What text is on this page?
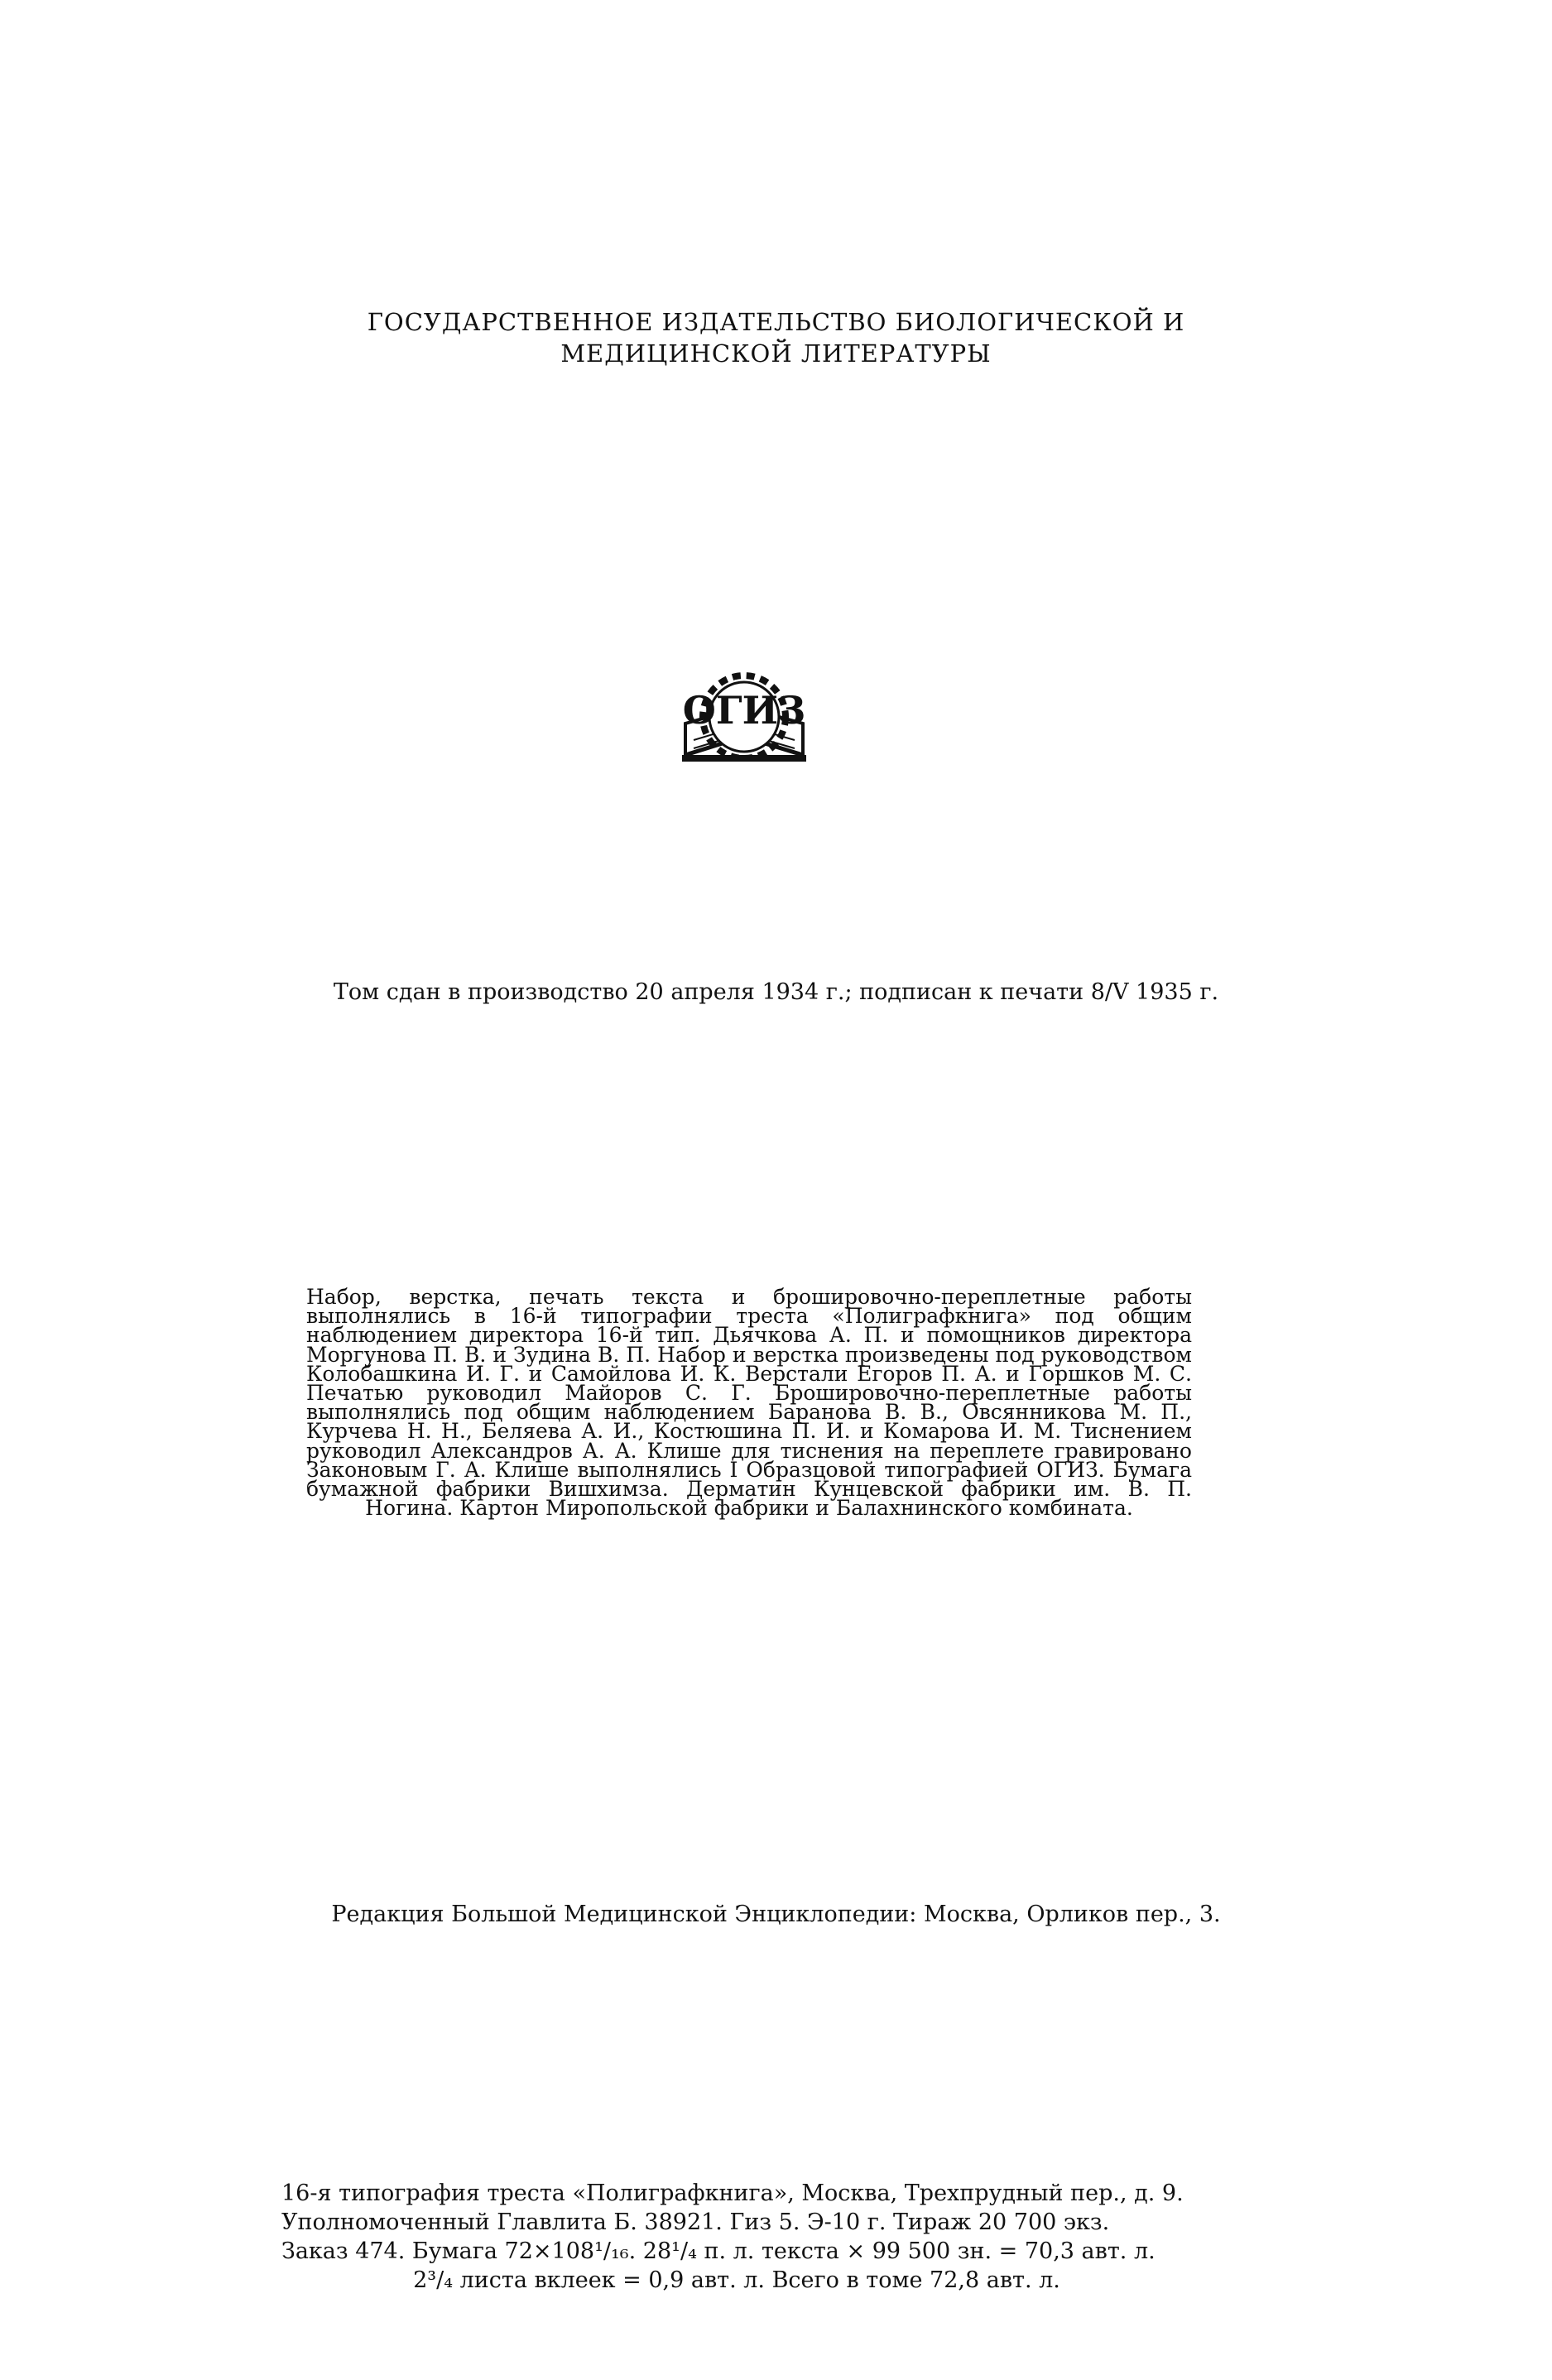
ГОСУДАРСТВЕННОЕ ИЗДАТЕЛЬСТВО БИОЛОГИЧЕСКОЙ И
МЕДИЦИНСКОЙ ЛИТЕРАТУРЫ
ОГИЗ
Том сдан в производство 20 апреля 1934 г.; подписан к печати 8/V 1935 г.
Набор, верстка, печать текста и брошировочно-переплетные работы выполнялись в 16-й типографии треста «Полиграфкнига» под общим наблюдением директора 16-й тип. Дьячкова А. П. и помощников директора Моргунова П. В. и Зудина В. П. Набор и верстка произведены под руководством Колобашкина И. Г. и Самойлова И. К. Верстали Егоров П. А. и Горшков М. С. Печатью руководил Майоров С. Г. Брошировочно-переплетные работы выполнялись под общим наблюдением Баранова В. В., Овсянникова М. П., Курчева Н. Н., Беляева А. И., Костюшина П. И. и Комарова И. М. Тиснением руководил Александров А. А. Клише для тиснения на переплете гравировано Законовым Г. А. Клише выполнялись I Образцовой типографией ОГИЗ. Бумага бумажной фабрики Вишхимза. Дерматин Кунцевской фабрики им. В. П. Ногина. Картон Миропольской фабрики и Балахнинского комбината.
Редакция Большой Медицинской Энциклопедии: Москва, Орликов пер., 3.
16-я типография треста «Полиграфкнига», Москва, Трехпрудный пер., д. 9.
Уполномоченный Главлита Б. 38921. Гиз 5. Э-10 г. Тираж 20 700 экз.
Заказ 474. Бумага 72×108¹/₁₆. 28¹/₄ п. л. текста × 99 500 зн. = 70,3 авт. л.
2³/₄ листа вклеек = 0,9 авт. л. Всего в томе 72,8 авт. л.
